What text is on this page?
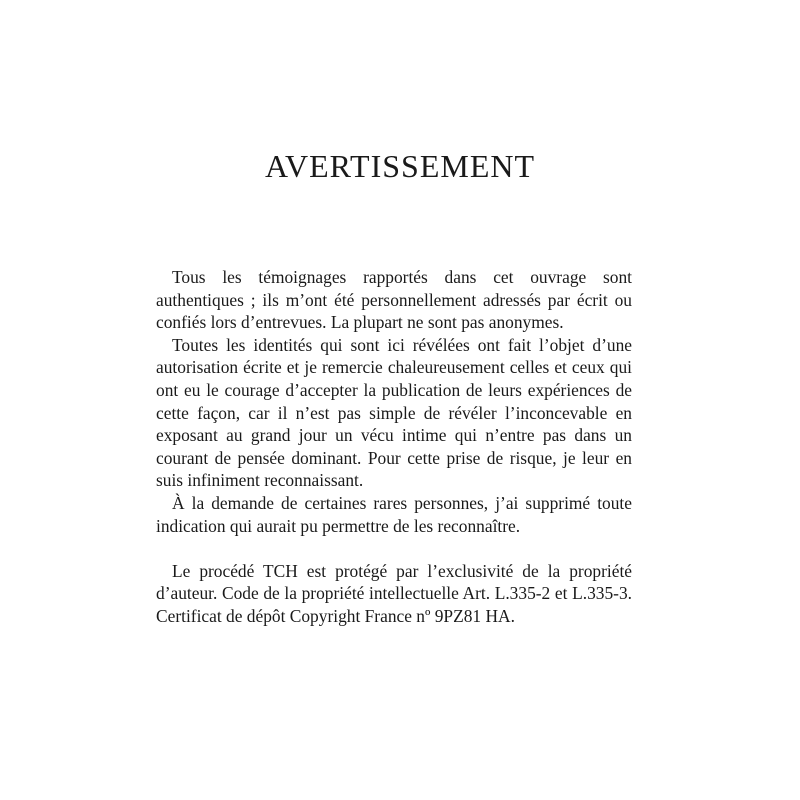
AVERTISSEMENT

Tous les témoignages rapportés dans cet ouvrage sont authentiques ; ils m’ont été personnellement adressés par écrit ou confiés lors d’entrevues. La plupart ne sont pas anonymes.

Toutes les identités qui sont ici révélées ont fait l’objet d’une autorisation écrite et je remercie chaleureusement celles et ceux qui ont eu le courage d’accepter la publication de leurs expériences de cette façon, car il n’est pas simple de révéler l’inconcevable en exposant au grand jour un vécu intime qui n’entre pas dans un courant de pensée dominant. Pour cette prise de risque, je leur en suis infiniment reconnaissant.

À la demande de certaines rares personnes, j’ai supprimé toute indication qui aurait pu permettre de les reconnaître.

Le procédé TCH est protégé par l’exclusivité de la propriété d’auteur. Code de la propriété intellectuelle Art. L.335-2 et L.335-3. Certificat de dépôt Copyright France nº 9PZ81 HA.
